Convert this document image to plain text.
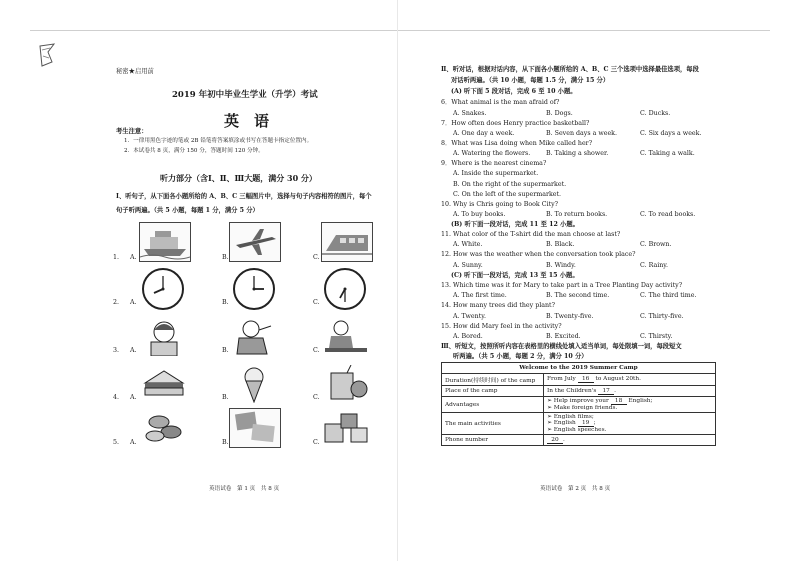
秘密★启用前
2019 年初中毕业生学业（升学）考试
英　语
考生注意：
1．一律用黑色字迹的笔或 2B 铅笔将答案填涂或书写在答题卡指定位置内。
2．本试卷共 8 页，满分 150 分，答题时间 120 分钟。
听力部分（含Ⅰ、Ⅱ、Ⅲ大题，满分 30 分）
Ⅰ、听句子，从下面各小题所给的 A、B、C 三幅图片中，选择与句子内容相符的图片，每个
句子听两遍。（共 5 小题，每题 1 分，满分 5 分）
1. A.	B.	C.
2. A.	B.	C.
3. A.	B.	C.
4. A.	B.	C.
5. A.	B.	C.
英语试卷　第 1 页　共 8 页
Ⅱ、听对话，根据对话内容，从下面各小题所给的 A、B、C 三个选项中选择最佳选项，每段
对话听两遍。（共 10 小题，每题 1.5 分，满分 15 分）
(A) 听下面 5 段对话，完成 6 至 10 小题。
6．What animal is the man afraid of?
A. Snakes.	B. Dogs.	C. Ducks.
7．How often does Henry practice basketball?
A. One day a week.	B. Seven days a week.	C. Six days a week.
8．What was Lisa doing when Mike called her?
A. Watering the flowers. B. Taking a shower.	C. Taking a walk.
9．Where is the nearest cinema?
A. Inside the supermarket.
B. On the right of the supermarket.
C. On the left of the supermarket.
10. Why is Chris going to Book City?
A. To buy books.	B. To return books.	C. To read books.
(B) 听下面一段对话，完成 11 至 12 小题。
11. What color of the T-shirt did the man choose at last?
A. White.	B. Black.	C. Brown.
12. How was the weather when the conversation took place?
A. Sunny.	B. Windy.	C. Rainy.
(C) 听下面一段对话，完成 13 至 15 小题。
13. Which time was it for Mary to take part in a Tree Planting Day activity?
A. The first time.	B. The second time.	C. The third time.
14. How many trees did they plant?
A. Twenty.	B. Twenty-five.	C. Thirty-five.
15. How did Mary feel in the activity?
A. Bored.	B. Excited.	C. Thirsty.
Ⅲ、听短文，按照所听内容在表格里的横线处填入适当单词，每处限填一词，每段短文
听两遍。（共 5 小题，每题 2 分，满分 10 分）
Welcome to the 2019 Summer Camp	
Duration(持续时间) of the camp	From July 16 to August 20th.
Place of the camp	In the Children's 17 .
Advantages	➢ Help improve your 18 English;
➢ Make foreign friends.

The main activities	➢ English films;
➢ English 19 ;
➢ English speeches.

Phone number	20 .
英语试卷　第 2 页　共 8 页
